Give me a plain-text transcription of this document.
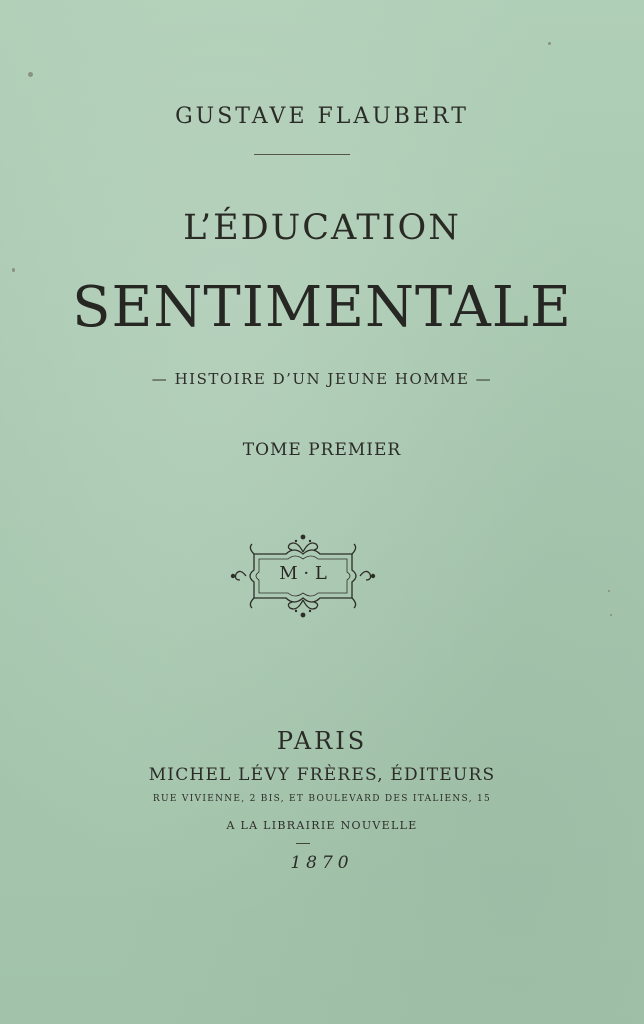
GUSTAVE FLAUBERT

L’ÉDUCATION

SENTIMENTALE

— HISTOIRE D’UN JEUNE HOMME —

TOME PREMIER

M · L

PARIS

MICHEL LÉVY FRÈRES, ÉDITEURS

RUE VIVIENNE, 2 BIS, ET BOULEVARD DES ITALIENS, 15

A LA LIBRAIRIE NOUVELLE

1870
